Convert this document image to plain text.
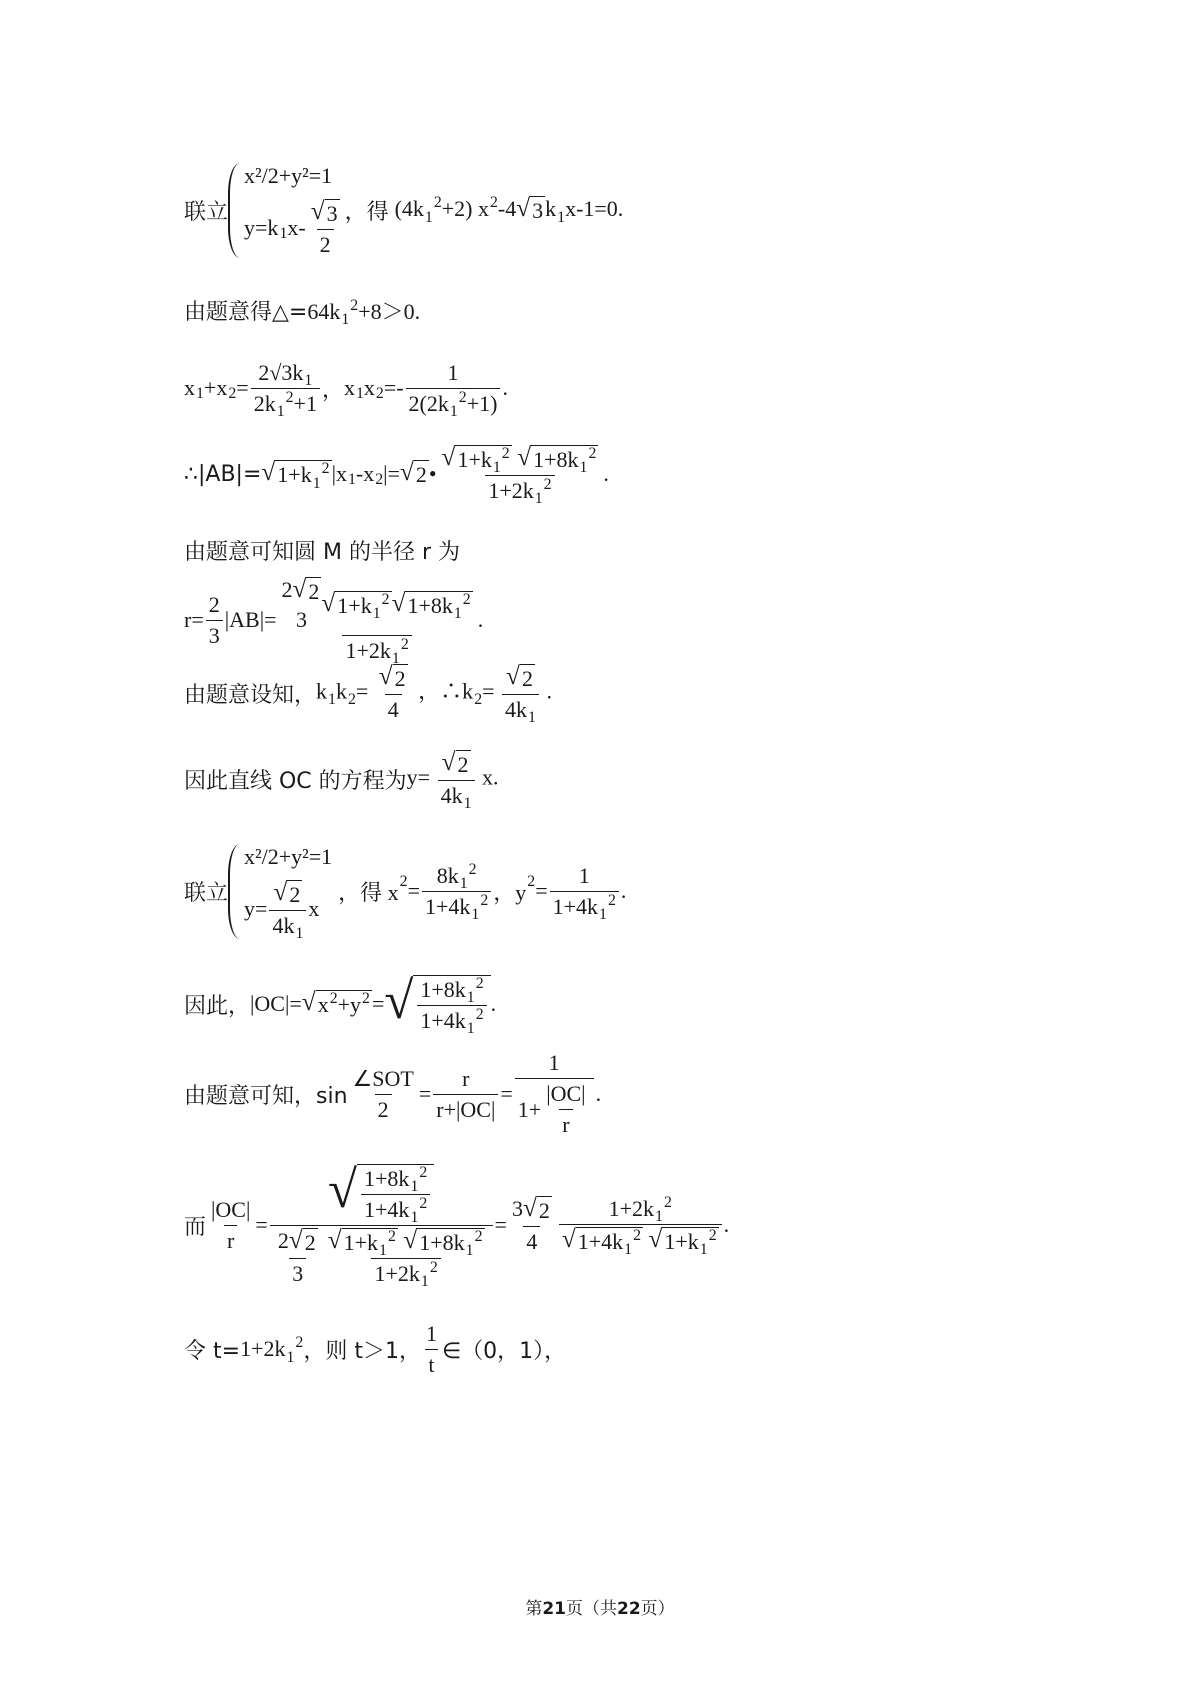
联立
x²/2+y²=1
y=k 1 $x- \frac{√ 3}{2}$ ，得 $(4k_1^2+2)$ $x^2-4$ √ 3 $k_1x-1=0$.
由题意得△= $64k_1^2+8>0$.
x 1 +x $2 = \frac{2√3k_1}{2k_1^2+1}$ ， x 1 x $2 =- \frac{1}{2(2k_1^2+1)}$ .
∴|AB|= √ $1+k_1^2$ |x 1 -x 2 |= √ 2 • √ $1+k_1^2$
√ $1+8k_1^2$
$1+2k_1^2$ .
由题意可知圆 M 的半径 r 为
$r= \frac{2}{3} |AB|= 2$ √ 2
3
√ $1+k_1^2$ √ $1+8k_1^2$
$1+2k_1^2$ .
由题意设知， $k_1k_2= \frac{√ 2}{4}$ ，$\therefore k_2= \frac{√ 2}{4k_1}$ .
因此直线 OC 的方程为 $y= \frac{√ 2}{4k_1} x$.
联立
x²/2+y²=1
$y= \frac{√ 2}{4k_1}$ x
，得 x $2 = \frac{8k_1^2}{1+4k_1^2}$ ，y $2 = \frac{1}{1+4k_1^2}$ .
因此， |OC|= √ $x^2+y^2$ = √ $\frac{1+8k_1^2}{1+4k_1^2}$ .
由题意可知，$\sin \frac{\text{∠SOT}}{2} = \frac{r}{r+|OC|} = \frac{1}{1+ \frac{|OC|}{r}}$ .
而 $\frac{|OC|}{r}$ =
√ $\frac{1+8k_1^2}{1+4k_1^2}$
$\frac{2 √ 2}{3}$ √ $1+k_1^2$
√ $1+8k_1^2$
$1+2k_1^2$
= $\frac{3 √ 2}{4} 1+2k_1^2$
√ $1+4k_1^2$
√ $1+k_1^2$ .
令 $t= 1+2k_1^2$ ，则 t＞1， $\frac{1}{t}$ ∈（0，1），
第21页（共22页）
